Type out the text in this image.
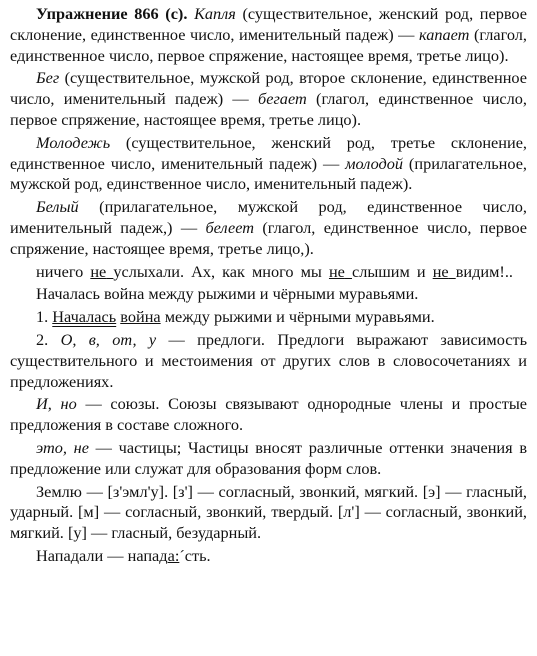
Упражнение 866 (с). Капля (существительное, женский род, первое склонение, единственное число, именительный падеж) — капает (глагол, единственное число, первое спряжение, настоящее время, третье лицо).

Бег (существительное, мужской род, второе склонение, единственное число, именительный падеж) — бегает (глагол, единственное число, первое спряжение, настоящее время, третье лицо).

Молодежь (существительное, женский род, третье склонение, единственное число, именительный падеж) — молодой (прилагательное, мужской род, единственное число, именительный падеж).

Белый (прилагательное, мужской род, единственное число, именительный падеж,) — белеет (глагол, единственное число, первое спряжение, настоящее время, третье лицо,).

ничего не услыхали. Ах, как много мы не слышим и не видим!..

Началась война между рыжими и чёрными муравьями.

1. Началась война между рыжими и чёрными муравьями.

2. О, в, от, у — предлоги. Предлоги выражают зависимость существительного и местоимения от других слов в словосочетаниях и предложениях.

И, но — союзы. Союзы связывают однородные члены и простые предложения в составе сложного.

это, не — частицы; Частицы вносят различные оттенки значения в предложение или служат для образования форм слов.

Землю — [з'эмл'у]. [з'] — согласный, звонкий, мягкий. [э] — гласный, ударный. [м] — согласный, звонкий, твердый. [л'] — согласный, звонкий, мягкий. [у] — гласный, безударный.

Нападали — напада:´сть.
